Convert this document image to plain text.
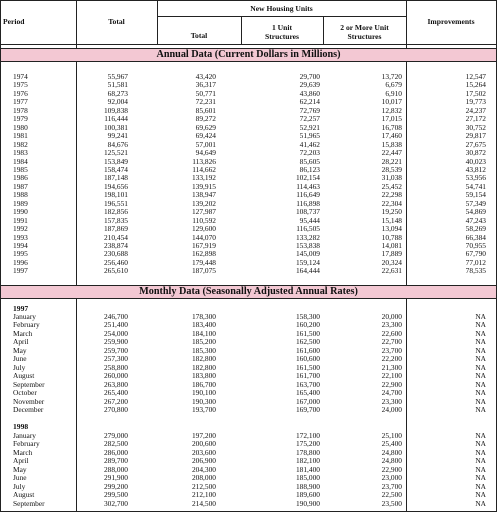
Period	Total
New Housing Units
Total
1 Unit
Structures
2 or More Unit
Structures
Improvements
Annual Data (Current Dollars in Millions)
1974	55,967	43,420	29,700	13,720	12,547
1975	51,581	36,317	29,639	6,679	15,264
1976	68,273	50,771	43,860	6,910	17,502
1977	92,004	72,231	62,214	10,017	19,773
1978	109,838	85,601	72,769	12,832	24,237
1979	116,444	89,272	72,257	17,015	27,172
1980	100,381	69,629	52,921	16,708	30,752
1981	99,241	69,424	51,965	17,460	29,817
1982	84,676	57,001	41,462	15,838	27,675
1983	125,521	94,649	72,203	22,447	30,872
1984	153,849	113,826	85,605	28,221	40,023
1985	158,474	114,662	86,123	28,539	43,812
1986	187,148	133,192	102,154	31,038	53,956
1987	194,656	139,915	114,463	25,452	54,741
1988	198,101	138,947	116,649	22,298	59,154
1989	196,551	139,202	116,898	22,304	57,349
1990	182,856	127,987	108,737	19,250	54,869
1991	157,835	110,592	95,444	15,148	47,243
1992	187,869	129,600	116,505	13,094	58,269
1993	210,454	144,070	133,282	10,788	66,384
1994	238,874	167,919	153,838	14,081	70,955
1995	230,688	162,898	145,009	17,889	67,790
1996	256,460	179,448	159,124	20,324	77,012
1997	265,610	187,075	164,444	22,631	78,535
Monthly Data (Seasonally Adjusted Annual Rates)
1997
January	246,700	178,300	158,300	20,000	NA
February	251,400	183,400	160,200	23,300	NA
March	254,000	184,100	161,500	22,600	NA
April	259,900	185,200	162,500	22,700	NA
May	259,700	185,300	161,600	23,700	NA
June	257,300	182,800	160,600	22,200	NA
July	258,800	182,800	161,500	21,300	NA
August	260,000	183,800	161,700	22,100	NA
September	263,800	186,700	163,700	22,900	NA
October	265,400	190,100	165,400	24,700	NA
November	267,200	190,300	167,000	23,300	NA
December	270,800	193,700	169,700	24,000	NA
1998
January	279,000	197,200	172,100	25,100	NA
February	282,500	200,600	175,200	25,400	NA
March	286,000	203,600	178,800	24,800	NA
April	289,700	206,900	182,100	24,800	NA
May	288,000	204,300	181,400	22,900	NA
June	291,900	208,000	185,000	23,000	NA
July	299,200	212,500	188,900	23,700	NA
August	299,500	212,100	189,600	22,500	NA
September	302,700	214,500	190,900	23,500	NA
